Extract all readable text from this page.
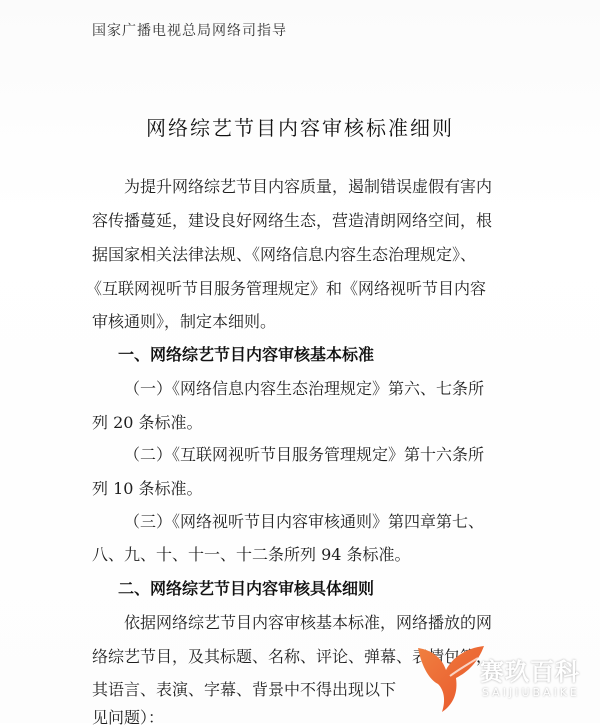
国家广播电视总局网络司指导
网络综艺节目内容审核标准细则
为提升网络综艺节目内容质量，遏制错误虚假有害内
容传播蔓延，建设良好网络生态，营造清朗网络空间，根
据国家相关法律法规、《网络信息内容生态治理规定》、
《互联网视听节目服务管理规定》和《网络视听节目内容
审核通则》，制定本细则。
一、网络综艺节目内容审核基本标准
（一）《网络信息内容生态治理规定》第六、七条所
列 20 条标准。
（二）《互联网视听节目服务管理规定》第十六条所
列 10 条标准。
（三）《网络视听节目内容审核通则》第四章第七、
八、九、十、十一、十二条所列 94 条标准。
二、网络综艺节目内容审核具体细则
依据网络综艺节目内容审核基本标准，网络播放的网
络综艺节目，及其标题、名称、评论、弹幕、表情包等，
其语言、表演、字幕、背景中不得出现以下
见问题）：
赛玖百科
SAIJIUBAIKE
